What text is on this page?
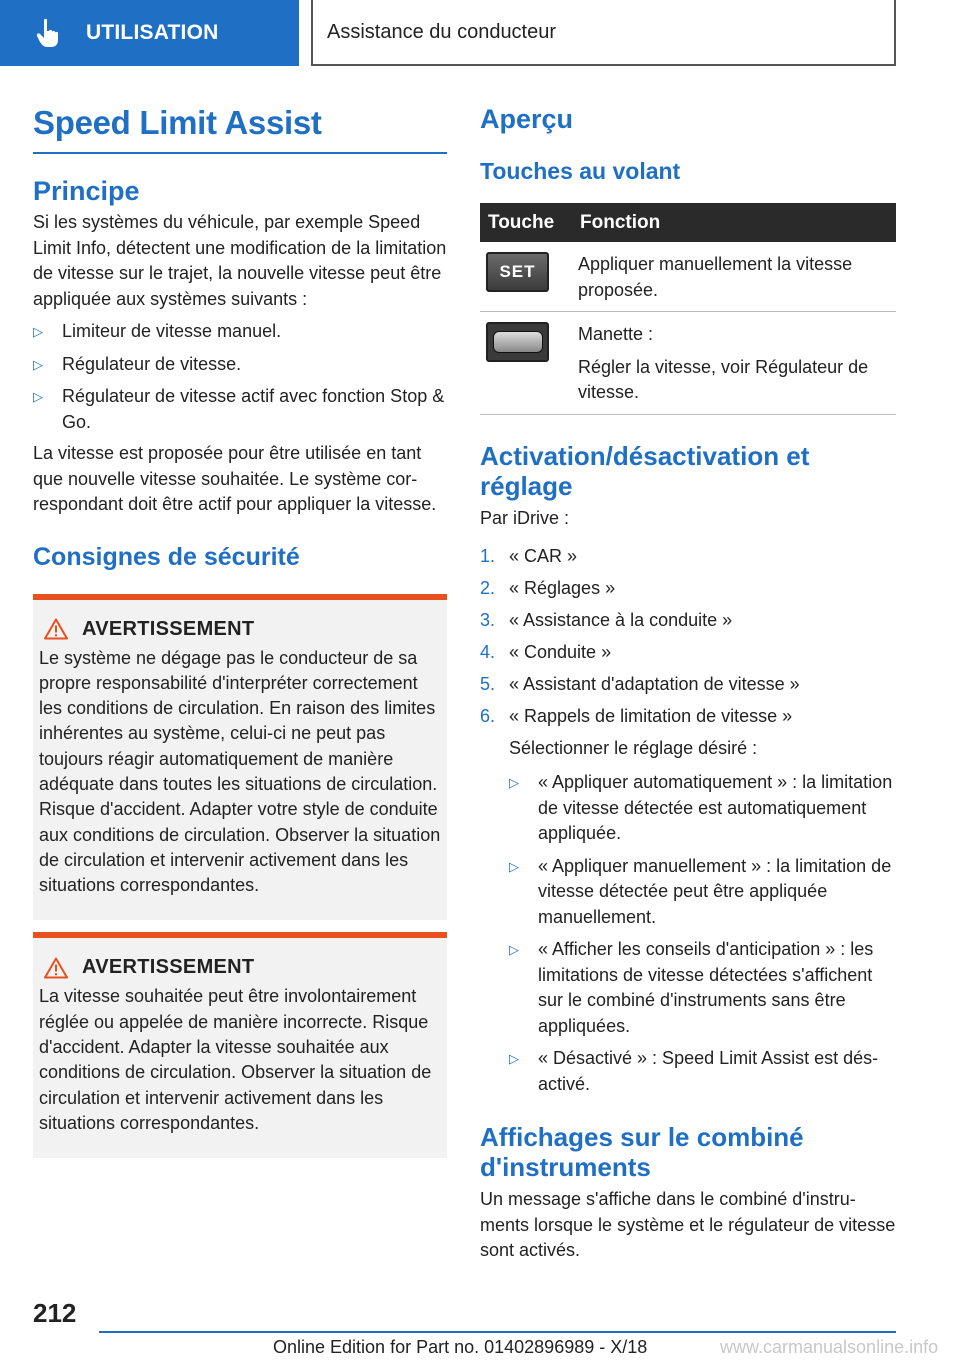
UTILISATION	Assistance du conducteur
Speed Limit Assist
Principe

Si les systèmes du véhicule, par exemple Speed Limit Info, détectent une modification de la limitation de vitesse sur le trajet, la nouvelle vitesse peut être appliquée aux systèmes suivants :

▷ Limiteur de vitesse manuel.
▷ Régulateur de vitesse.
▷ Régulateur de vitesse actif avec fonction Stop & Go.

La vitesse est proposée pour être utilisée en tant que nouvelle vitesse souhaitée. Le système correspondant doit être actif pour appliquer la vitesse.

Consignes de sécurité
AVERTISSEMENT

Le système ne dégage pas le conducteur de sa propre responsabilité d'interpréter correctement les conditions de circulation. En raison des limites inhérentes au système, celui-ci ne peut pas toujours réagir automatiquement de manière adéquate dans toutes les situations de circulation. Risque d'accident. Adapter votre style de conduite aux conditions de circulation. Observer la situation de circulation et intervenir activement dans les situations correspondantes.

AVERTISSEMENT

La vitesse souhaitée peut être involontairement réglée ou appelée de manière incorrecte. Risque d'accident. Adapter la vitesse souhaitée aux conditions de circulation. Observer la situation de circulation et intervenir activement dans les situations correspondantes.

Aperçu
Touches au volant
Touche	Fonction

SET	Appliquer manuellement la vitesse proposée.

	Manette :
Régler la vitesse, voir Régulateur de vitesse.
Activation/désactivation et réglage

Par iDrive :

1. « CAR »
2. « Réglages »
3. « Assistance à la conduite »
4. « Conduite »
5. « Assistant d'adaptation de vitesse »
6. « Rappels de limitation de vitesse »

Sélectionner le réglage désiré :

▷ « Appliquer automatiquement » : la limitation de vitesse détectée est automatiquement appliquée.
▷ « Appliquer manuellement » : la limitation de vitesse détectée peut être appliquée manuellement.
▷ « Afficher les conseils d'anticipation » : les limitations de vitesse détectées s'affichent sur le combiné d'instruments sans être appliquées.
▷ « Désactivé » : Speed Limit Assist est désactivé.
Affichages sur le combiné d'instruments

Un message s'affiche dans le combiné d'instruments lorsque le système et le régulateur de vitesse sont activés.

212
Online Edition for Part no. 01402896989 - X/18	www.carmanualsonline.info
